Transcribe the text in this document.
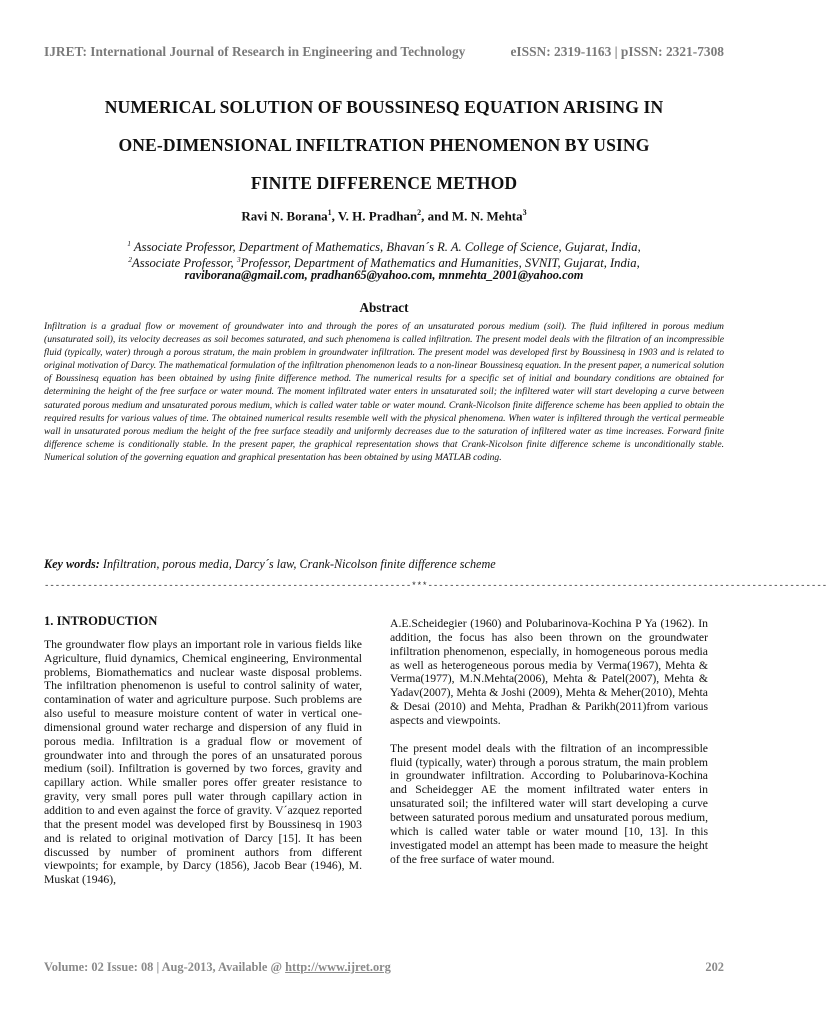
IJRET: International Journal of Research in Engineering and Technology	eISSN: 2319-1163 | pISSN: 2321-7308
NUMERICAL SOLUTION OF BOUSSINESQ EQUATION ARISING IN
ONE-DIMENSIONAL INFILTRATION PHENOMENON BY USING
FINITE DIFFERENCE METHOD
Ravi N. Borana$^1$, V. H. Pradhan$^2$, and M. N. Mehta$^3$
$^1$ Associate Professor, Department of Mathematics, Bhavan´s R. A. College of Science, Gujarat, India,
$^2$Associate Professor, $^3$Professor, Department of Mathematics and Humanities, SVNIT, Gujarat, India,
raviborana@gmail.com, pradhan65@yahoo.com, mnmehta_2001@yahoo.com
Abstract
Infiltration is a gradual flow or movement of groundwater into and through the pores of an unsaturated porous medium (soil). The fluid infiltered in porous medium (unsaturated soil), its velocity decreases as soil becomes saturated, and such phenomena is called infiltration. The present model deals with the filtration of an incompressible fluid (typically, water) through a porous stratum, the main problem in groundwater infiltration. The present model was developed first by Boussinesq in 1903 and is related to original motivation of Darcy. The mathematical formulation of the infiltration phenomenon leads to a non-linear Boussinesq equation. In the present paper, a numerical solution of Boussinesq equation has been obtained by using finite difference method. The numerical results for a specific set of initial and boundary conditions are obtained for determining the height of the free surface or water mound. The moment infiltrated water enters in unsaturated soil; the infiltered water will start developing a curve between saturated porous medium and unsaturated porous medium, which is called water table or water mound. Crank-Nicolson finite difference scheme has been applied to obtain the required results for various values of time. The obtained numerical results resemble well with the physical phenomena. When water is infiltered through the vertical permeable wall in unsaturated porous medium the height of the free surface steadily and uniformly decreases due to the saturation of infiltered water as time increases. Forward finite difference scheme is conditionally stable. In the present paper, the graphical representation shows that Crank-Nicolson finite difference scheme is unconditionally stable. Numerical solution of the governing equation and graphical presentation has been obtained by using MATLAB coding.
Key words: Infiltration, porous media, Darcy´s law, Crank-Nicolson finite difference scheme
--------------------------------------------------------------------***--------------------------------------------------------------------------
1. INTRODUCTION

The groundwater flow plays an important role in various fields like Agriculture, fluid dynamics, Chemical engineering, Environmental problems, Biomathematics and nuclear waste disposal problems. The infiltration phenomenon is useful to control salinity of water, contamination of water and agriculture purpose. Such problems are also useful to measure moisture content of water in vertical one-dimensional ground water recharge and dispersion of any fluid in porous media. Infiltration is a gradual flow or movement of groundwater into and through the pores of an unsaturated porous medium (soil). Infiltration is governed by two forces, gravity and capillary action. While smaller pores offer greater resistance to gravity, very small pores pull water through capillary action in addition to and even against the force of gravity. V´azquez reported that the present model was developed first by Boussinesq in 1903 and is related to original motivation of Darcy [15]. It has been discussed by number of prominent authors from different viewpoints; for example, by Darcy (1856), Jacob Bear (1946), M. Muskat (1946),

A.E.Scheidegier (1960) and Polubarinova-Kochina P Ya (1962). In addition, the focus has also been thrown on the groundwater infiltration phenomenon, especially, in homogeneous porous media as well as heterogeneous porous media by Verma(1967), Mehta & Verma(1977), M.N.Mehta(2006), Mehta & Patel(2007), Mehta & Yadav(2007), Mehta & Joshi (2009), Mehta & Meher(2010), Mehta & Desai (2010) and Mehta, Pradhan & Parikh(2011)from various aspects and viewpoints.

The present model deals with the filtration of an incompressible fluid (typically, water) through a porous stratum, the main problem in groundwater infiltration. According to Polubarinova-Kochina and Scheidegger AE the moment infiltrated water enters in unsaturated soil; the infiltered water will start developing a curve between saturated porous medium and unsaturated porous medium, which is called water table or water mound [10, 13]. In this investigated model an attempt has been made to measure the height of the free surface of water mound.

Volume: 02 Issue: 08 | Aug-2013, Available @ http://www.ijret.org	202
